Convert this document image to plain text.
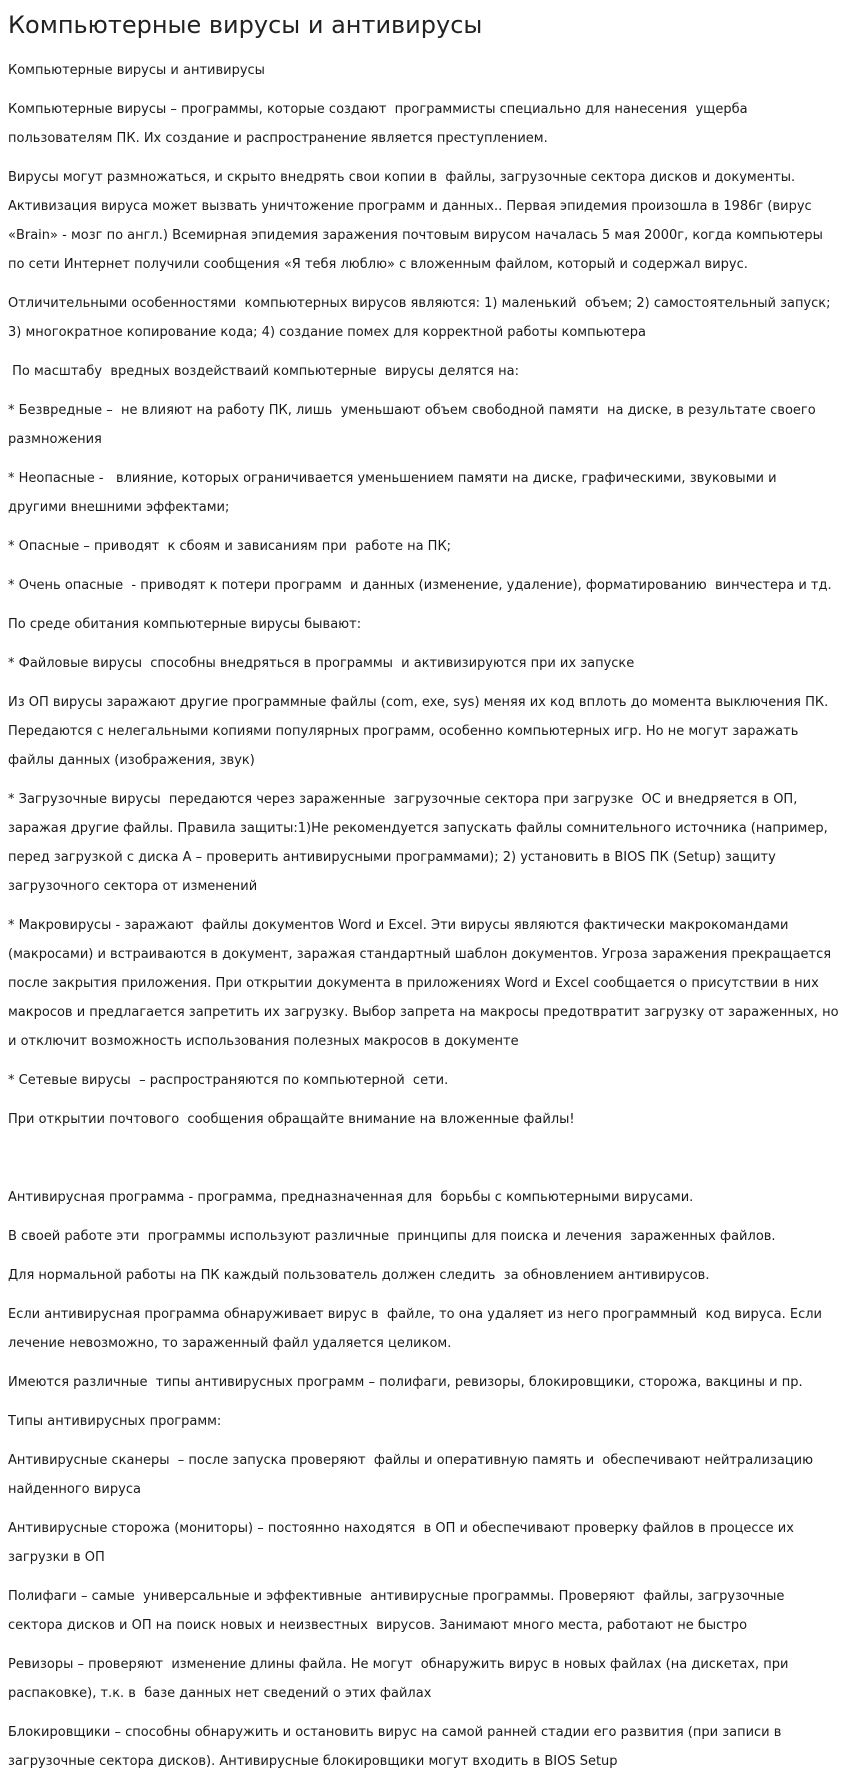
Компьютерные вирусы и антивирусы

Компьютерные вирусы и антивирусы

Компьютерные вирусы – программы, которые создают  программисты специально для нанесения  ущерба пользователям ПК. Их создание и распространение является преступлением.

Вирусы могут размножаться, и скрыто внедрять свои копии в  файлы, загрузочные сектора дисков и документы. Активизация вируса может вызвать уничтожение программ и данных.. Первая эпидемия произошла в 1986г (вирус «Brain» - мозг по англ.) Всемирная эпидемия заражения почтовым вирусом началась 5 мая 2000г, когда компьютеры по сети Интернет получили сообщения «Я тебя люблю» с вложенным файлом, который и содержал вирус.

Отличительными особенностями  компьютерных вирусов являются: 1) маленький  объем; 2) самостоятельный запуск; 3) многократное копирование кода; 4) создание помех для корректной работы компьютера

По масштабу  вредных воздействаий компьютерные  вирусы делятся на:

* Безвредные –  не влияют на работу ПК, лишь  уменьшают объем свободной памяти  на диске, в результате своего размножения

* Неопасные -   влияние, которых ограничивается уменьшением памяти на диске, графическими, звуковыми и другими внешними эффектами;

* Опасные – приводят  к сбоям и зависаниям при  работе на ПК;

* Очень опасные  - приводят к потери программ  и данных (изменение, удаление), форматированию  винчестера и тд.

По среде обитания компьютерные вирусы бывают:

* Файловые вирусы  способны внедряться в программы  и активизируются при их запуске

Из ОП вирусы заражают другие программные файлы (com, exe, sys) меняя их код вплоть до момента выключения ПК. Передаются с нелегальными копиями популярных программ, особенно компьютерных игр. Но не могут заражать файлы данных (изображения, звук)

* Загрузочные вирусы  передаются через зараженные  загрузочные сектора при загрузке  ОС и внедряется в ОП, заражая другие файлы. Правила защиты:1)Не рекомендуется запускать файлы сомнительного источника (например, перед загрузкой с диска А – проверить антивирусными программами); 2) установить в BIOS ПК (Setup) защиту загрузочного сектора от изменений

* Макровирусы - заражают  файлы документов Word и Excel. Эти вирусы являются фактически макрокомандами (макросами) и встраиваются в документ, заражая стандартный шаблон документов. Угроза заражения прекращается после закрытия приложения. При открытии документа в приложениях Word и Excel сообщается о присутствии в них макросов и предлагается запретить их загрузку. Выбор запрета на макросы предотвратит загрузку от зараженных, но и отключит возможность использования полезных макросов в документе

* Сетевые вирусы  – распространяются по компьютерной  сети.

При открытии почтового  сообщения обращайте внимание на вложенные файлы!

Антивирусная программа - программа, предназначенная для  борьбы с компьютерными вирусами.

В своей работе эти  программы используют различные  принципы для поиска и лечения  зараженных файлов.

Для нормальной работы на ПК каждый пользователь должен следить  за обновлением антивирусов.

Если антивирусная программа обнаруживает вирус в  файле, то она удаляет из него программный  код вируса. Если лечение невозможно, то зараженный файл удаляется целиком.

Имеются различные  типы антивирусных программ – полифаги, ревизоры, блокировщики, сторожа, вакцины и пр.

Типы антивирусных программ:

Антивирусные сканеры  – после запуска проверяют  файлы и оперативную память и  обеспечивают нейтрализацию найденного вируса

Антивирусные сторожа (мониторы) – постоянно находятся  в ОП и обеспечивают проверку файлов в процессе их загрузки в ОП

Полифаги – самые  универсальные и эффективные  антивирусные программы. Проверяют  файлы, загрузочные сектора дисков и ОП на поиск новых и неизвестных  вирусов. Занимают много места, работают не быстро

Ревизоры – проверяют  изменение длины файла. Не могут  обнаружить вирус в новых файлах (на дискетах, при распаковке), т.к. в  базе данных нет сведений о этих файлах

Блокировщики – способны обнаружить и остановить вирус на самой ранней стадии его развития (при записи в загрузочные сектора дисков). Антивирусные блокировщики могут входить в BIOS Setup
